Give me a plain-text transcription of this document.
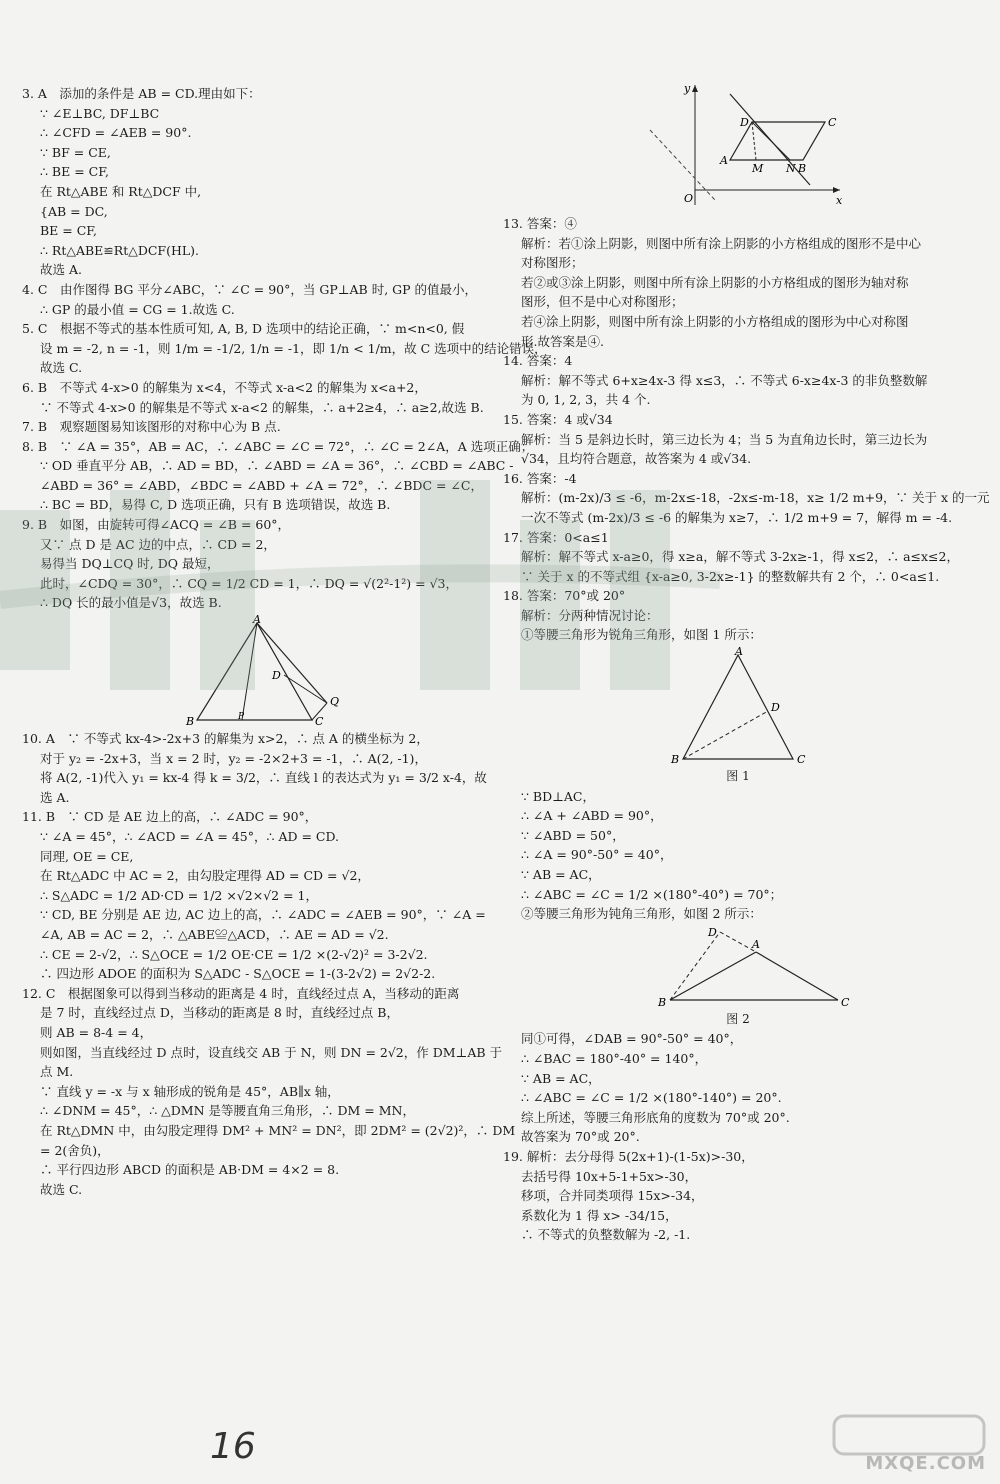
y
x
O
A
M N B
C
D
3. A　添加的条件是 AB = CD.理由如下：
∵ ∠E⊥BC, DF⊥BC
∴ ∠CFD = ∠AEB = 90°.
∵ BF = CE,
∴ BE = CF,
在 Rt△ABE 和 Rt△DCF 中,
{AB = DC,
BE = CF,
∴ Rt△ABE≌Rt△DCF(HL).
故选 A.
4. C　由作图得 BG 平分∠ABC，∵ ∠C = 90°，当 GP⊥AB 时, GP 的值最小，
∴ GP 的最小值 = CG = 1.故选 C.
5. C　根据不等式的基本性质可知, A, B, D 选项中的结论正确，∵ m<n<0, 假
设 m = -2, n = -1，则 1/m = -1/2, 1/n = -1，即 1/n < 1/m，故 C 选项中的结论错误，
故选 C.
6. B　不等式 4-x>0 的解集为 x<4，不等式 x-a<2 的解集为 x<a+2，
∵ 不等式 4-x>0 的解集是不等式 x-a<2 的解集，∴ a+2≥4，∴ a≥2,故选 B.
7. B　观察题图易知该图形的对称中心为 B 点.
8. B　∵ ∠A = 35°，AB = AC，∴ ∠ABC = ∠C = 72°，∴ ∠C = 2∠A，A 选项正确；
∵ OD 垂直平分 AB，∴ AD = BD，∴ ∠ABD = ∠A = 36°，∴ ∠CBD = ∠ABC -
∠ABD = 36° = ∠ABD，∠BDC = ∠ABD + ∠A = 72°，∴ ∠BDC = ∠C，
∴ BC = BD，易得 C, D 选项正确，只有 B 选项错误，故选 B.
9. B　如图，由旋转可得∠ACQ = ∠B = 60°，
又∵ 点 D 是 AC 边的中点，∴ CD = 2，
易得当 DQ⊥CQ 时, DQ 最短，
此时，∠CDQ = 30°，∴ CQ = 1/2 CD = 1，∴ DQ = √(2²-1²) = √3，
∴ DQ 长的最小值是√3，故选 B.
A
B	C
D
Q
P
10. A　∵ 不等式 kx-4>-2x+3 的解集为 x>2，∴ 点 A 的横坐标为 2，
对于 y₂ = -2x+3，当 x = 2 时，y₂ = -2×2+3 = -1，∴ A(2, -1)，
将 A(2, -1)代入 y₁ = kx-4 得 k = 3/2，∴ 直线 l 的表达式为 y₁ = 3/2 x-4，故
选 A.
11. B　∵ CD 是 AE 边上的高，∴ ∠ADC = 90°，
∵ ∠A = 45°，∴ ∠ACD = ∠A = 45°，∴ AD = CD.
同理, OE = CE,
在 Rt△ADC 中 AC = 2，由勾股定理得 AD = CD = √2，
∴ S△ADC = 1/2 AD·CD = 1/2 ×√2×√2 = 1，
∵ CD, BE 分别是 AE 边, AC 边上的高，∴ ∠ADC = ∠AEB = 90°，∵ ∠A =
∠A, AB = AC = 2，∴ △ABE≌△ACD，∴ AE = AD = √2.
∴ CE = 2-√2，∴ S△OCE = 1/2 OE·CE = 1/2 ×(2-√2)² = 3-2√2.
∴ 四边形 ADOE 的面积为 S△ADC - S△OCE = 1-(3-2√2) = 2√2-2.
12. C　根据图象可以得到当移动的距离是 4 时，直线经过点 A，当移动的距离
是 7 时，直线经过点 D，当移动的距离是 8 时，直线经过点 B，
则 AB = 8-4 = 4，
则如图，当直线经过 D 点时，设直线交 AB 于 N，则 DN = 2√2，作 DM⊥AB 于
点 M.
∵ 直线 y = -x 与 x 轴形成的锐角是 45°，AB∥x 轴，
∴ ∠DNM = 45°，∴ △DMN 是等腰直角三角形，∴ DM = MN，
在 Rt△DMN 中，由勾股定理得 DM² + MN² = DN²，即 2DM² = (2√2)²，∴ DM
= 2(舍负)，
∴ 平行四边形 ABCD 的面积是 AB·DM = 4×2 = 8.
故选 C.
13. 答案：④
解析：若①涂上阴影，则图中所有涂上阴影的小方格组成的图形不是中心
对称图形；
若②或③涂上阴影，则图中所有涂上阴影的小方格组成的图形为轴对称
图形，但不是中心对称图形；
若④涂上阴影，则图中所有涂上阴影的小方格组成的图形为中心对称图
形.故答案是④.
14. 答案：4
解析：解不等式 6+x≥4x-3 得 x≤3，∴ 不等式 6-x≥4x-3 的非负整数解
为 0, 1, 2, 3，共 4 个.
15. 答案：4 或√34
解析：当 5 是斜边长时，第三边长为 4；当 5 为直角边长时，第三边长为
√34，且均符合题意，故答案为 4 或√34.
16. 答案：-4
解析：(m-2x)/3 ≤ -6，m-2x≤-18，-2x≤-m-18，x≥ 1/2 m+9，∵ 关于 x 的一元
一次不等式 (m-2x)/3 ≤ -6 的解集为 x≥7，∴ 1/2 m+9 = 7，解得 m = -4.
17. 答案：0<a≤1
解析：解不等式 x-a≥0，得 x≥a，解不等式 3-2x≥-1，得 x≤2，∴ a≤x≤2，
∵ 关于 x 的不等式组 {x-a≥0, 3-2x≥-1} 的整数解共有 2 个，∴ 0<a≤1.
18. 答案：70°或 20°
解析：分两种情况讨论：
①等腰三角形为锐角三角形，如图 1 所示：
A
B	C
D
图 1
∵ BD⊥AC，
∴ ∠A + ∠ABD = 90°，
∵ ∠ABD = 50°，
∴ ∠A = 90°-50° = 40°，
∵ AB = AC，
∴ ∠ABC = ∠C = 1/2 ×(180°-40°) = 70°；
②等腰三角形为钝角三角形，如图 2 所示：
B	C
A
D
图 2
同①可得，∠DAB = 90°-50° = 40°，
∴ ∠BAC = 180°-40° = 140°，
∵ AB = AC，
∴ ∠ABC = ∠C = 1/2 ×(180°-140°) = 20°.
综上所述，等腰三角形底角的度数为 70°或 20°.
故答案为 70°或 20°.
19. 解析：去分母得 5(2x+1)-(1-5x)>-30，
去括号得 10x+5-1+5x>-30，
移项，合并同类项得 15x>-34，
系数化为 1 得 x> -34/15，
∴ 不等式的负整数解为 -2, -1.
16	MXQE.COM
